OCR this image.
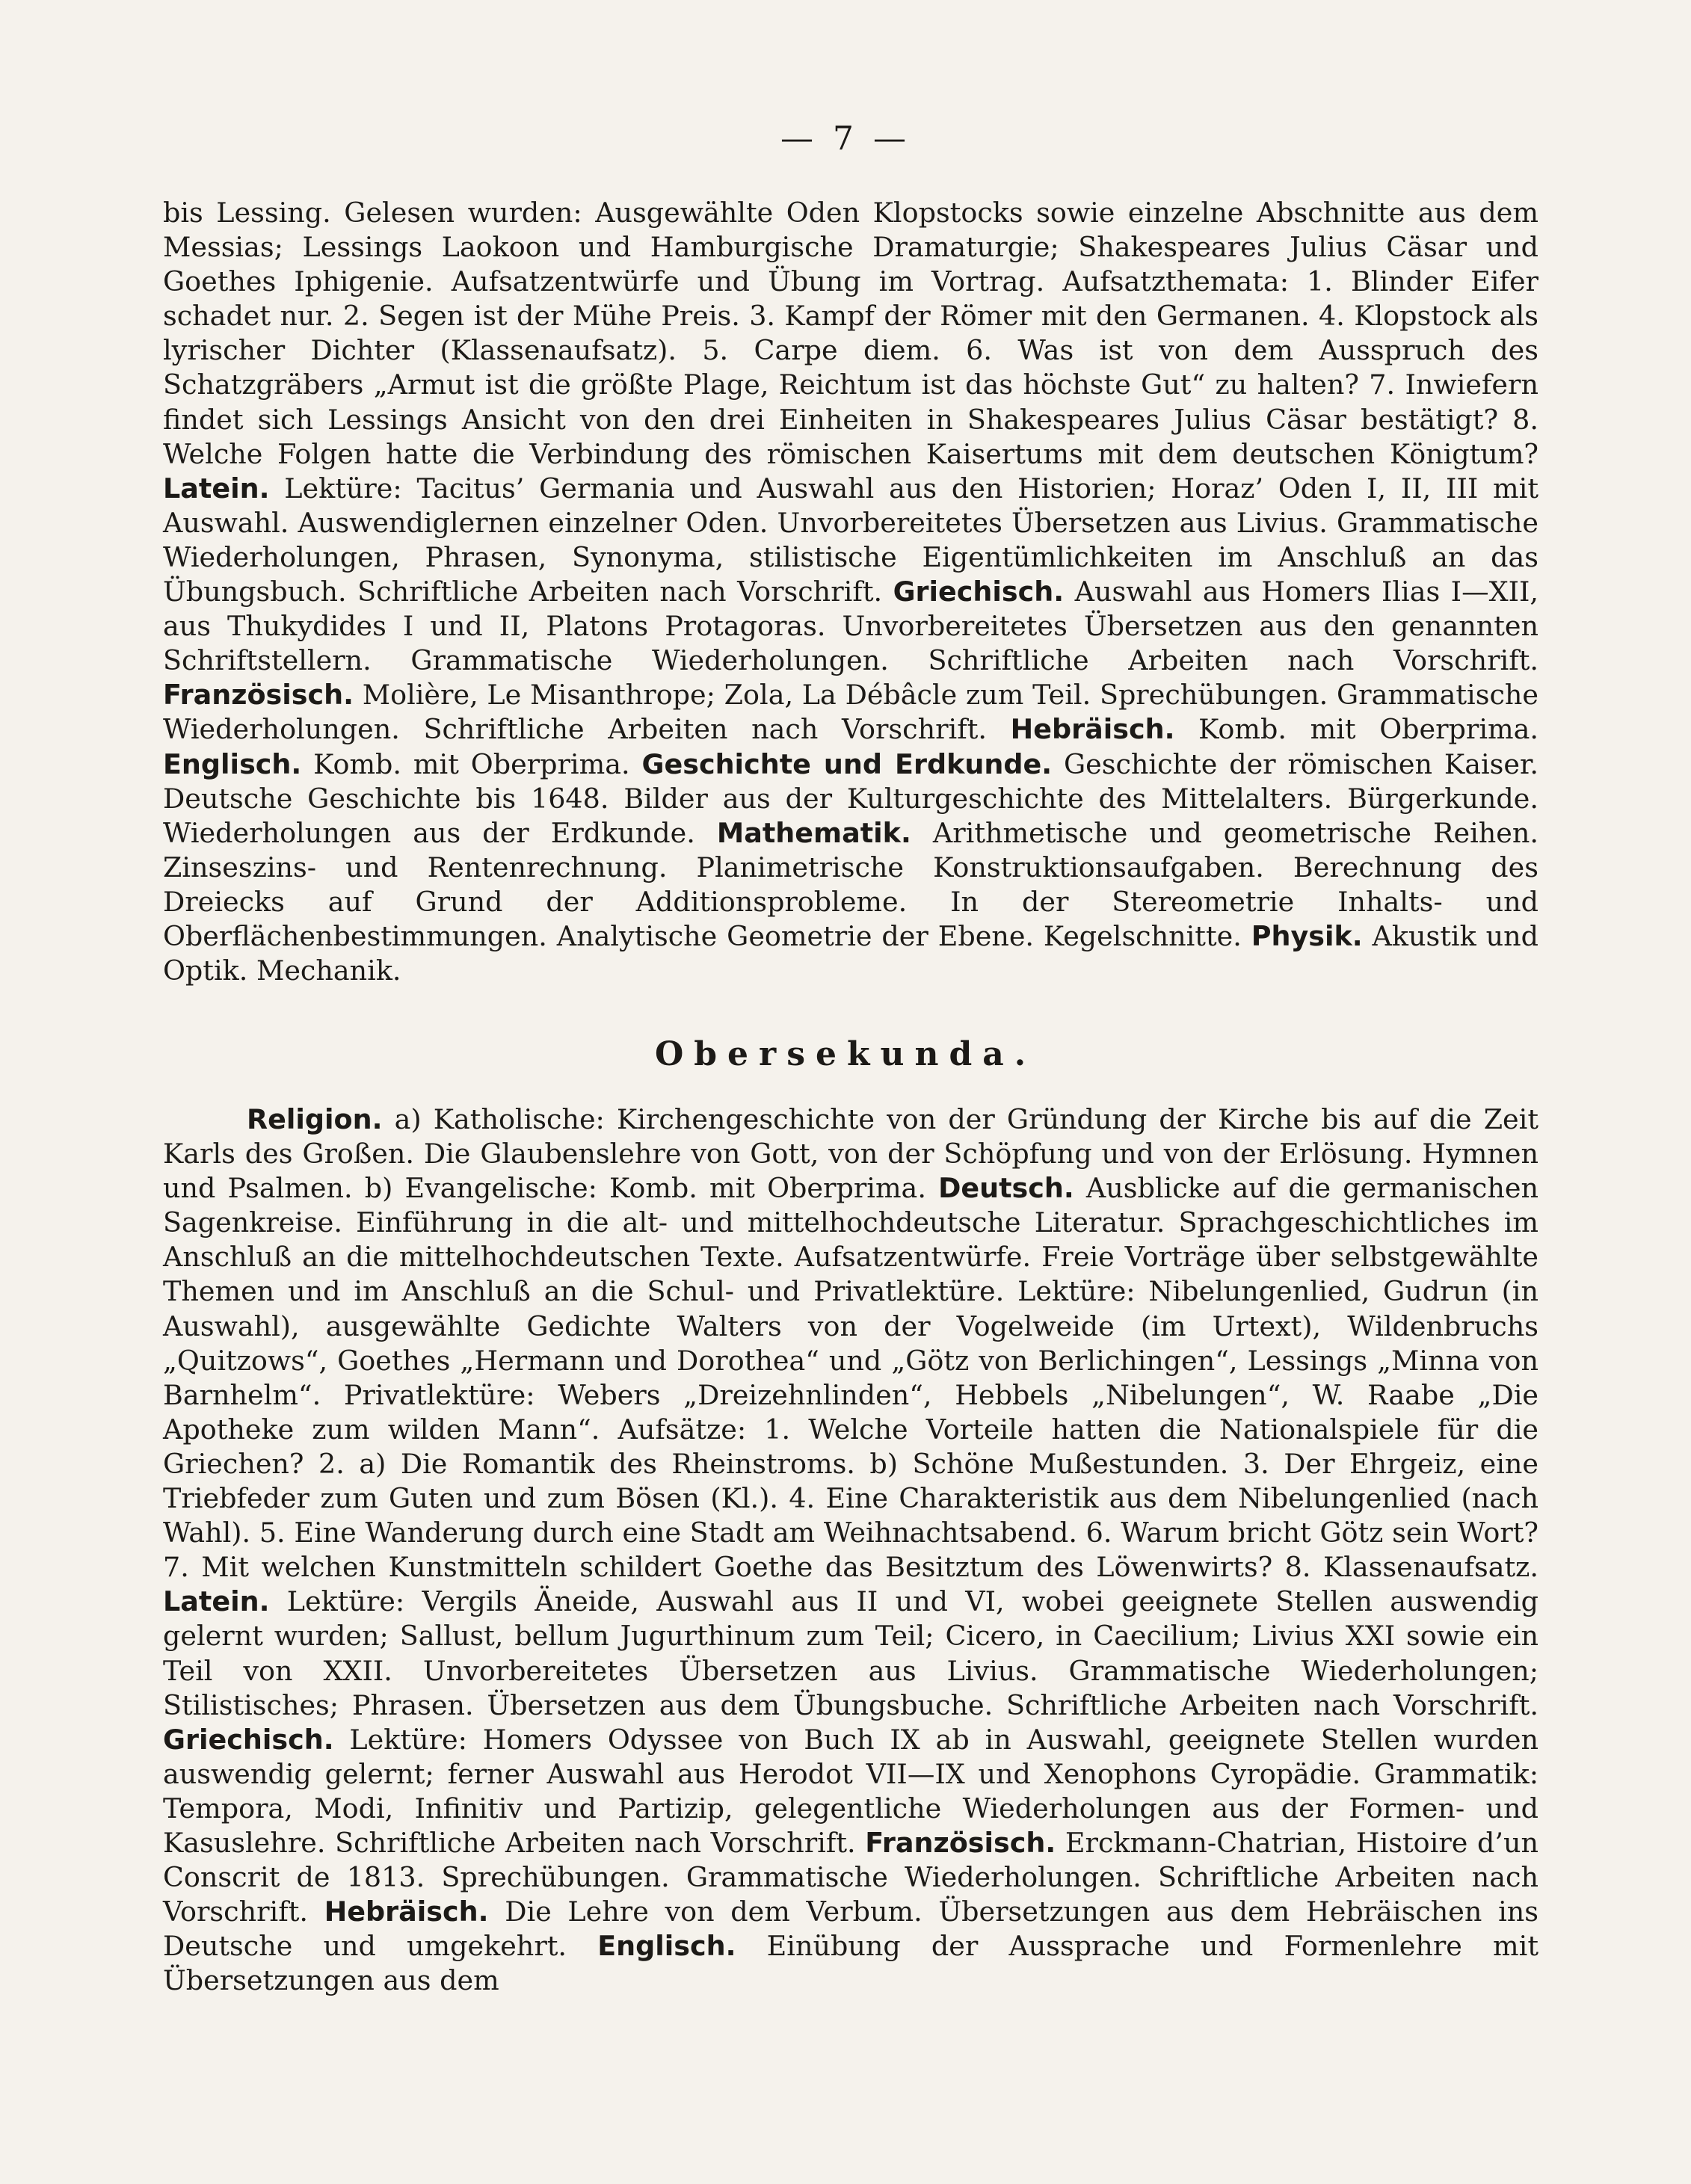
— 7 —

bis Lessing. Gelesen wurden: Ausgewählte Oden Klopstocks sowie einzelne Abschnitte aus dem Messias; Lessings Laokoon und Hamburgische Dramaturgie; Shakespeares Julius Cäsar und Goethes Iphigenie. Aufsatzentwürfe und Übung im Vortrag. Aufsatzthemata: 1. Blinder Eifer schadet nur. 2. Segen ist der Mühe Preis. 3. Kampf der Römer mit den Germanen. 4. Klopstock als lyrischer Dichter (Klassenaufsatz). 5. Carpe diem. 6. Was ist von dem Ausspruch des Schatzgräbers „Armut ist die größte Plage, Reichtum ist das höchste Gut“ zu halten? 7. Inwiefern findet sich Lessings Ansicht von den drei Einheiten in Shakespeares Julius Cäsar bestätigt? 8. Welche Folgen hatte die Verbindung des römischen Kaisertums mit dem deutschen Königtum? Latein. Lektüre: Tacitus’ Germania und Auswahl aus den Historien; Horaz’ Oden I, II, III mit Auswahl. Auswendiglernen einzelner Oden. Unvorbereitetes Übersetzen aus Livius. Grammatische Wiederholungen, Phrasen, Synonyma, stilistische Eigentümlichkeiten im Anschluß an das Übungsbuch. Schriftliche Arbeiten nach Vorschrift. Griechisch. Auswahl aus Homers Ilias I—XII, aus Thukydides I und II, Platons Protagoras. Unvorbereitetes Übersetzen aus den genannten Schriftstellern. Grammatische Wiederholungen. Schriftliche Arbeiten nach Vorschrift. Französisch. Molière, Le Misanthrope; Zola, La Débâcle zum Teil. Sprechübungen. Grammatische Wiederholungen. Schriftliche Arbeiten nach Vorschrift. Hebräisch. Komb. mit Oberprima. Englisch. Komb. mit Oberprima. Geschichte und Erdkunde. Geschichte der römischen Kaiser. Deutsche Geschichte bis 1648. Bilder aus der Kulturgeschichte des Mittelalters. Bürgerkunde. Wiederholungen aus der Erdkunde. Mathematik. Arithmetische und geometrische Reihen. Zinseszins- und Rentenrechnung. Planimetrische Konstruktionsaufgaben. Berechnung des Dreiecks auf Grund der Additionsprobleme. In der Stereometrie Inhalts- und Oberflächenbestimmungen. Analytische Geometrie der Ebene. Kegelschnitte. Physik. Akustik und Optik. Mechanik.

Obersekunda.

Religion. a) Katholische: Kirchengeschichte von der Gründung der Kirche bis auf die Zeit Karls des Großen. Die Glaubenslehre von Gott, von der Schöpfung und von der Erlösung. Hymnen und Psalmen. b) Evangelische: Komb. mit Oberprima. Deutsch. Ausblicke auf die germanischen Sagenkreise. Einführung in die alt- und mittelhochdeutsche Literatur. Sprachgeschichtliches im Anschluß an die mittelhochdeutschen Texte. Aufsatzentwürfe. Freie Vorträge über selbstgewählte Themen und im Anschluß an die Schul- und Privatlektüre. Lektüre: Nibelungenlied, Gudrun (in Auswahl), ausgewählte Gedichte Walters von der Vogelweide (im Urtext), Wildenbruchs „Quitzows“, Goethes „Hermann und Dorothea“ und „Götz von Berlichingen“, Lessings „Minna von Barnhelm“. Privatlektüre: Webers „Dreizehnlinden“, Hebbels „Nibelungen“, W. Raabe „Die Apotheke zum wilden Mann“. Aufsätze: 1. Welche Vorteile hatten die Nationalspiele für die Griechen? 2. a) Die Romantik des Rheinstroms. b) Schöne Mußestunden. 3. Der Ehrgeiz, eine Triebfeder zum Guten und zum Bösen (Kl.). 4. Eine Charakteristik aus dem Nibelungenlied (nach Wahl). 5. Eine Wanderung durch eine Stadt am Weihnachtsabend. 6. Warum bricht Götz sein Wort? 7. Mit welchen Kunstmitteln schildert Goethe das Besitztum des Löwenwirts? 8. Klassenaufsatz. Latein. Lektüre: Vergils Äneide, Auswahl aus II und VI, wobei geeignete Stellen auswendig gelernt wurden; Sallust, bellum Jugurthinum zum Teil; Cicero, in Caecilium; Livius XXI sowie ein Teil von XXII. Unvorbereitetes Übersetzen aus Livius. Grammatische Wiederholungen; Stilistisches; Phrasen. Übersetzen aus dem Übungsbuche. Schriftliche Arbeiten nach Vorschrift. Griechisch. Lektüre: Homers Odyssee von Buch IX ab in Auswahl, geeignete Stellen wurden auswendig gelernt; ferner Auswahl aus Herodot VII—IX und Xenophons Cyropädie. Grammatik: Tempora, Modi, Infinitiv und Partizip, gelegentliche Wiederholungen aus der Formen- und Kasuslehre. Schriftliche Arbeiten nach Vorschrift. Französisch. Erckmann-Chatrian, Histoire d’un Conscrit de 1813. Sprechübungen. Grammatische Wiederholungen. Schriftliche Arbeiten nach Vorschrift. Hebräisch. Die Lehre von dem Verbum. Übersetzungen aus dem Hebräischen ins Deutsche und umgekehrt. Englisch. Einübung der Aussprache und Formenlehre mit Übersetzungen aus dem
